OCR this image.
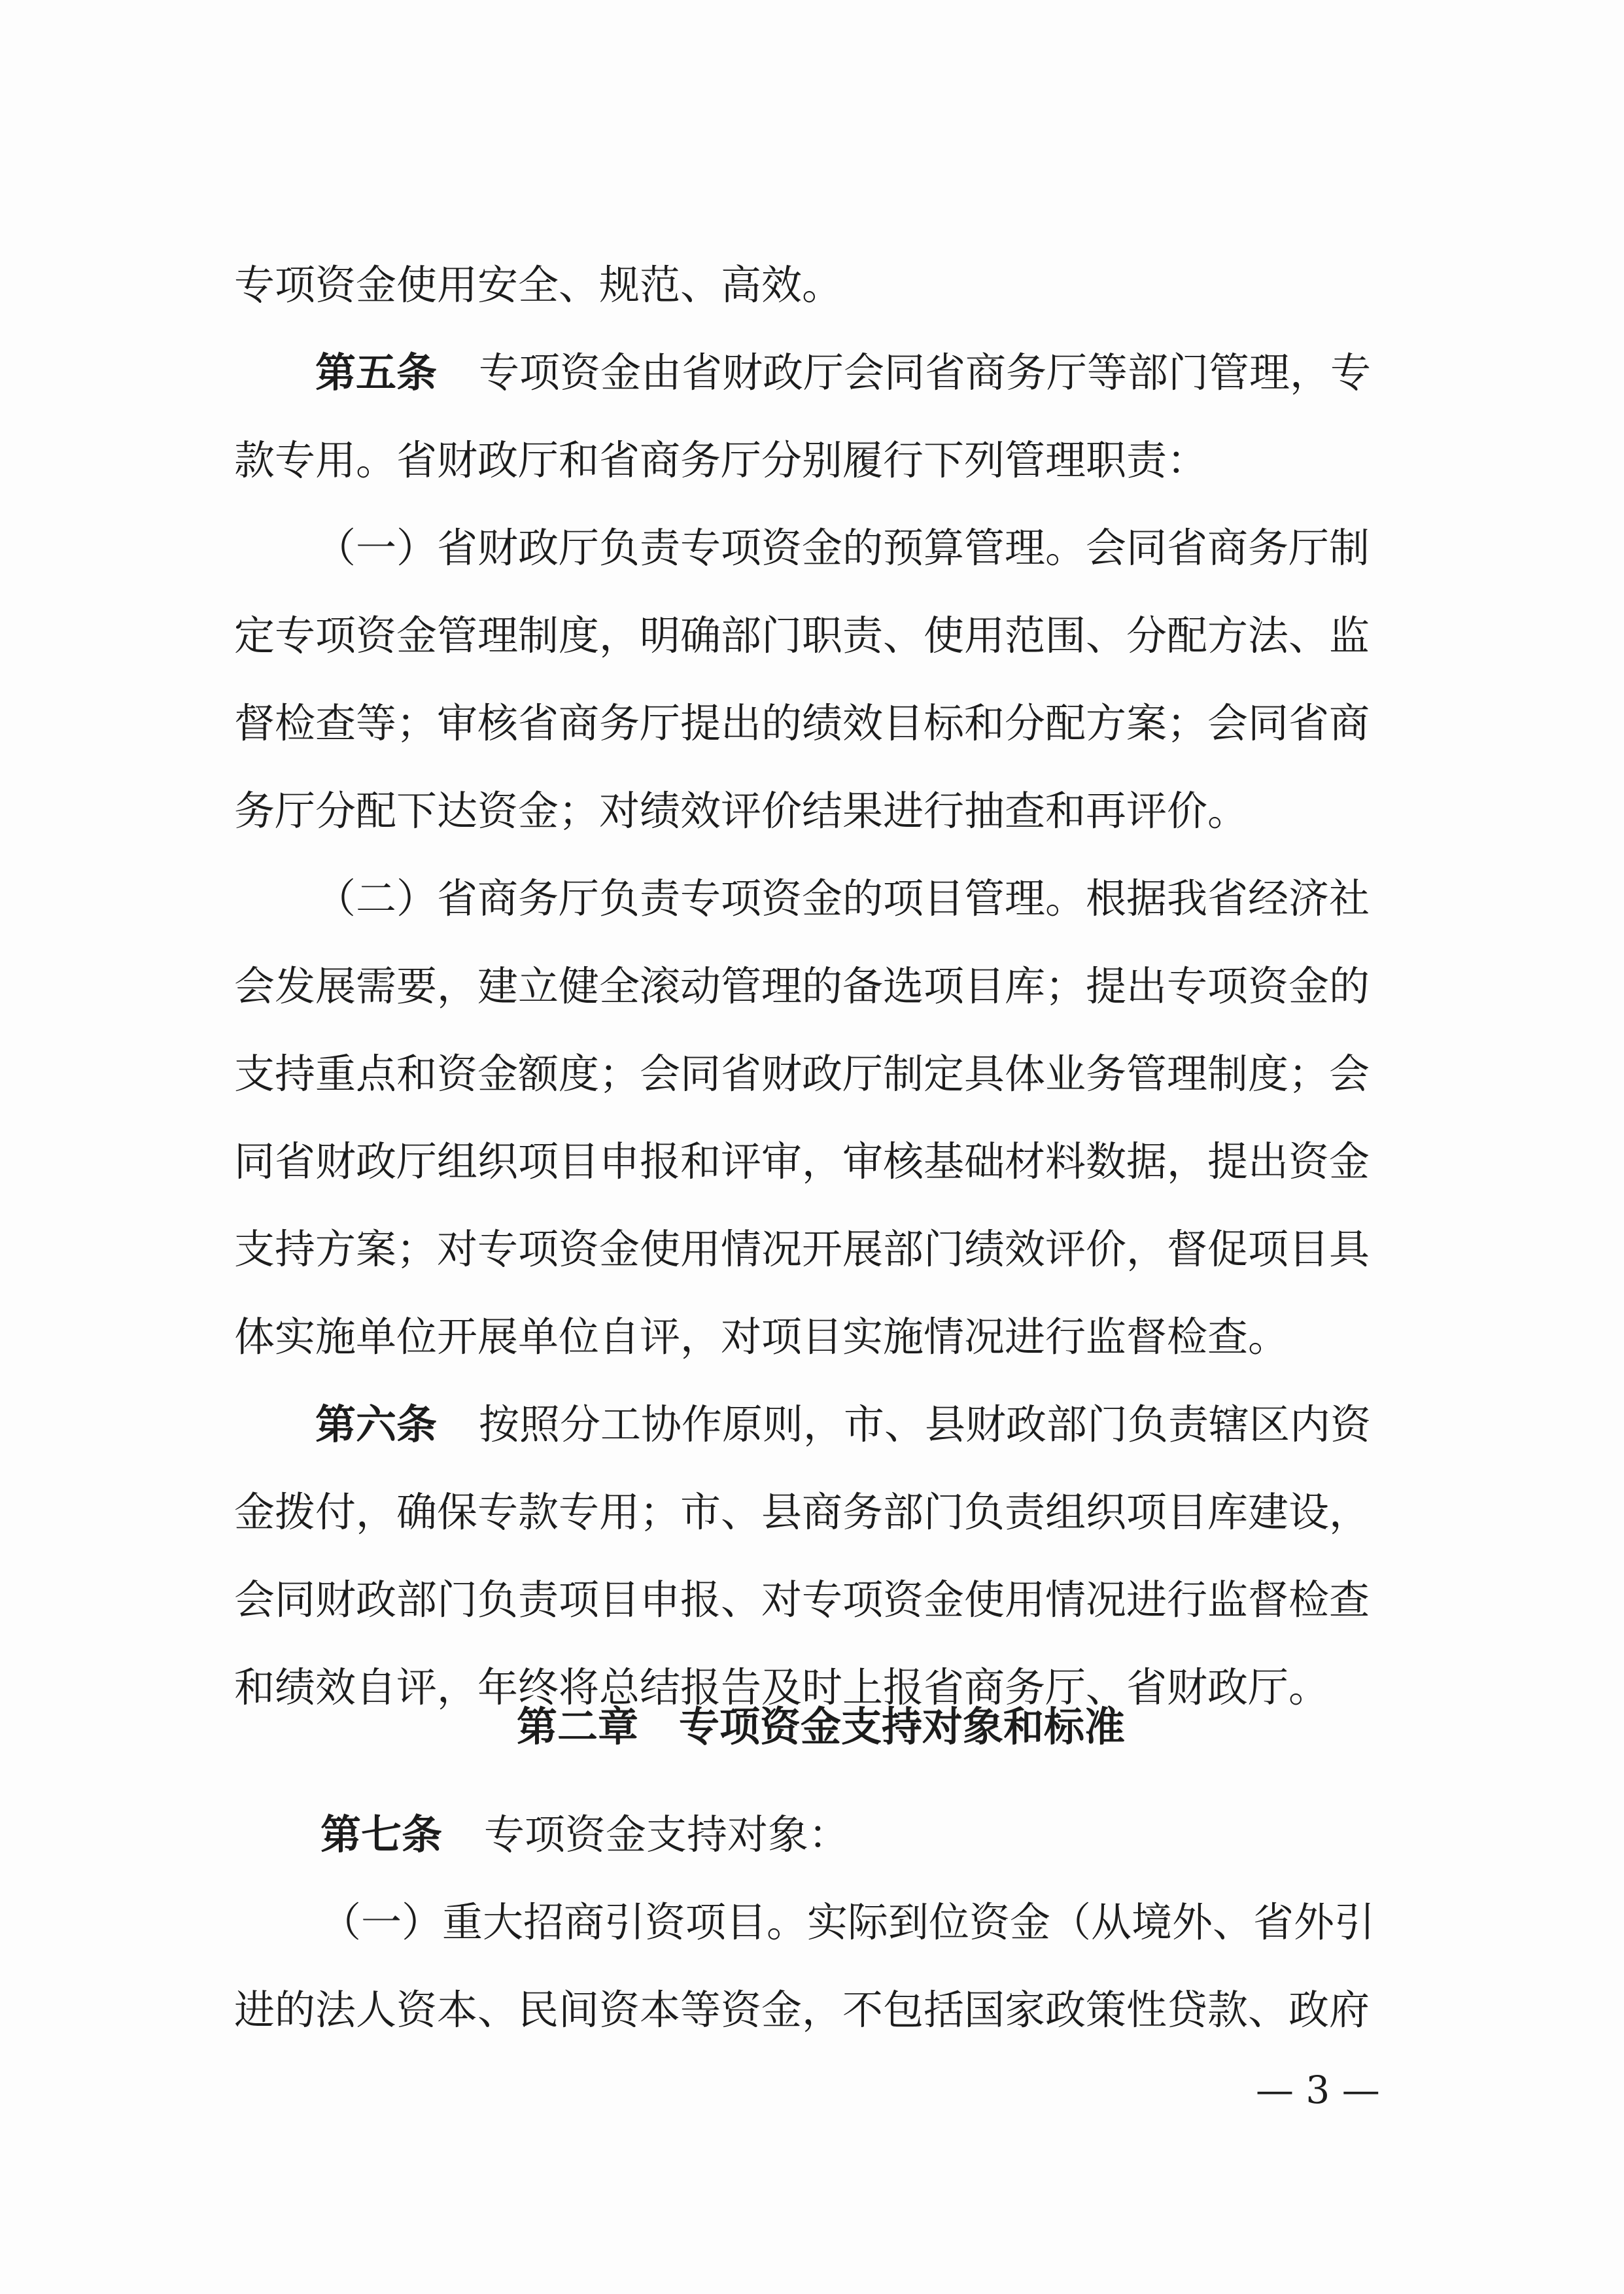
专项资金使用安全、规范、高效。
第五条 专项资金由省财政厅会同省商务厅等部门管理，专
款专用。省财政厅和省商务厅分别履行下列管理职责：
（一）省财政厅负责专项资金的预算管理。会同省商务厅制
定专项资金管理制度，明确部门职责、使用范围、分配方法、监
督检查等；审核省商务厅提出的绩效目标和分配方案；会同省商
务厅分配下达资金；对绩效评价结果进行抽查和再评价。
（二）省商务厅负责专项资金的项目管理。根据我省经济社
会发展需要，建立健全滚动管理的备选项目库；提出专项资金的
支持重点和资金额度；会同省财政厅制定具体业务管理制度；会
同省财政厅组织项目申报和评审，审核基础材料数据，提出资金
支持方案；对专项资金使用情况开展部门绩效评价，督促项目具
体实施单位开展单位自评，对项目实施情况进行监督检查。
第六条 按照分工协作原则，市、县财政部门负责辖区内资
金拨付，确保专款专用；市、县商务部门负责组织项目库建设，
会同财政部门负责项目申报、对专项资金使用情况进行监督检查
和绩效自评，年终将总结报告及时上报省商务厅、省财政厅。
第二章　专项资金支持对象和标准
第七条 专项资金支持对象：
（一）重大招商引资项目。实际到位资金（从境外、省外引
进的法人资本、民间资本等资金，不包括国家政策性贷款、政府
— 3 —
